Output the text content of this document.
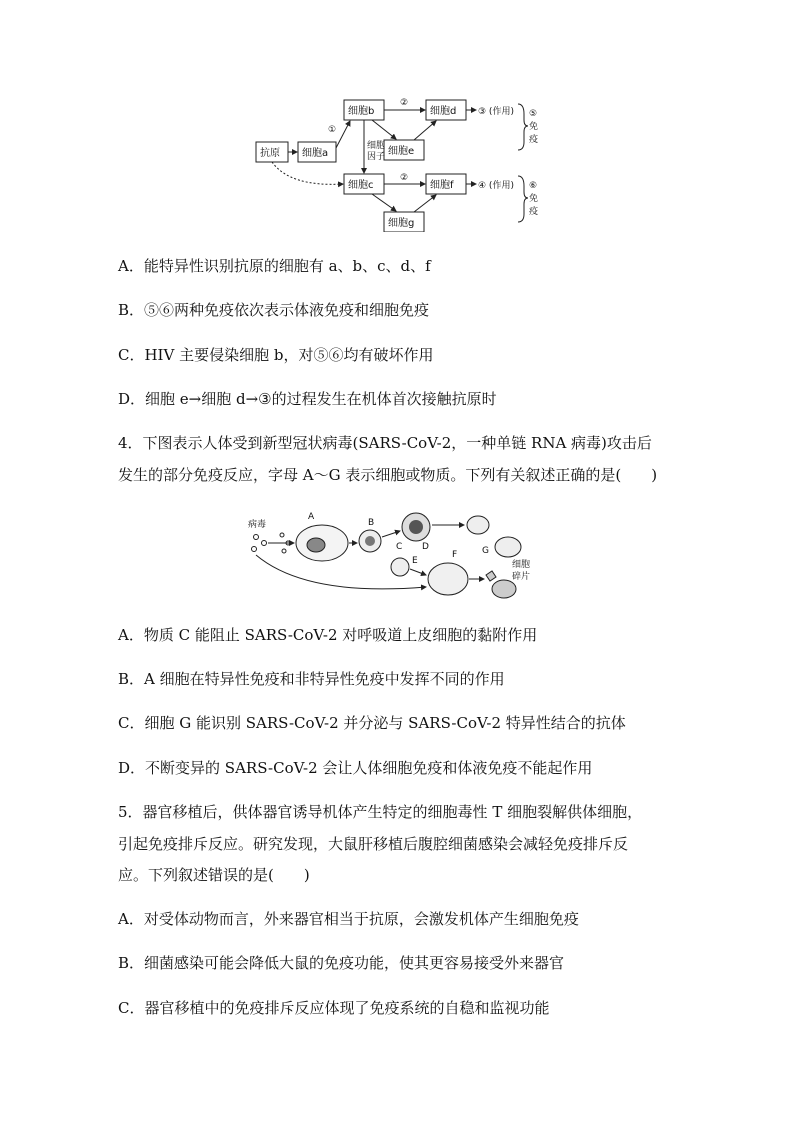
抗原 细胞a
细胞b	细胞d
细胞e
细胞c	细胞f
细胞g
①
②
②
细胞
因子
③ (作用)
④ (作用)
⑤
免
疫
⑥
免
疫
A．能特异性识别抗原的细胞有 a、b、c、d、f
B．⑤⑥两种免疫依次表示体液免疫和细胞免疫
C．HIV 主要侵染细胞 b，对⑤⑥均有破坏作用
D．细胞 e→细胞 d→③的过程发生在机体首次接触抗原时
4．下图表示人体受到新型冠状病毒(SARS-CoV-2，一种单链 RNA 病毒)攻击后
发生的部分免疫反应，字母 A～G 表示细胞或物质。下列有关叙述正确的是(　　)
病毒
A
B
C D	G
E
F
细胞
碎片
A．物质 C 能阻止 SARS-CoV-2 对呼吸道上皮细胞的黏附作用
B．A 细胞在特异性免疫和非特异性免疫中发挥不同的作用
C．细胞 G 能识别 SARS-CoV-2 并分泌与 SARS-CoV-2 特异性结合的抗体
D．不断变异的 SARS-CoV-2 会让人体细胞免疫和体液免疫不能起作用
5．器官移植后，供体器官诱导机体产生特定的细胞毒性 T 细胞裂解供体细胞，
引起免疫排斥反应。研究发现，大鼠肝移植后腹腔细菌感染会减轻免疫排斥反
应。下列叙述错误的是(　　)
A．对受体动物而言，外来器官相当于抗原，会激发机体产生细胞免疫
B．细菌感染可能会降低大鼠的免疫功能，使其更容易接受外来器官
C．器官移植中的免疫排斥反应体现了免疫系统的自稳和监视功能
